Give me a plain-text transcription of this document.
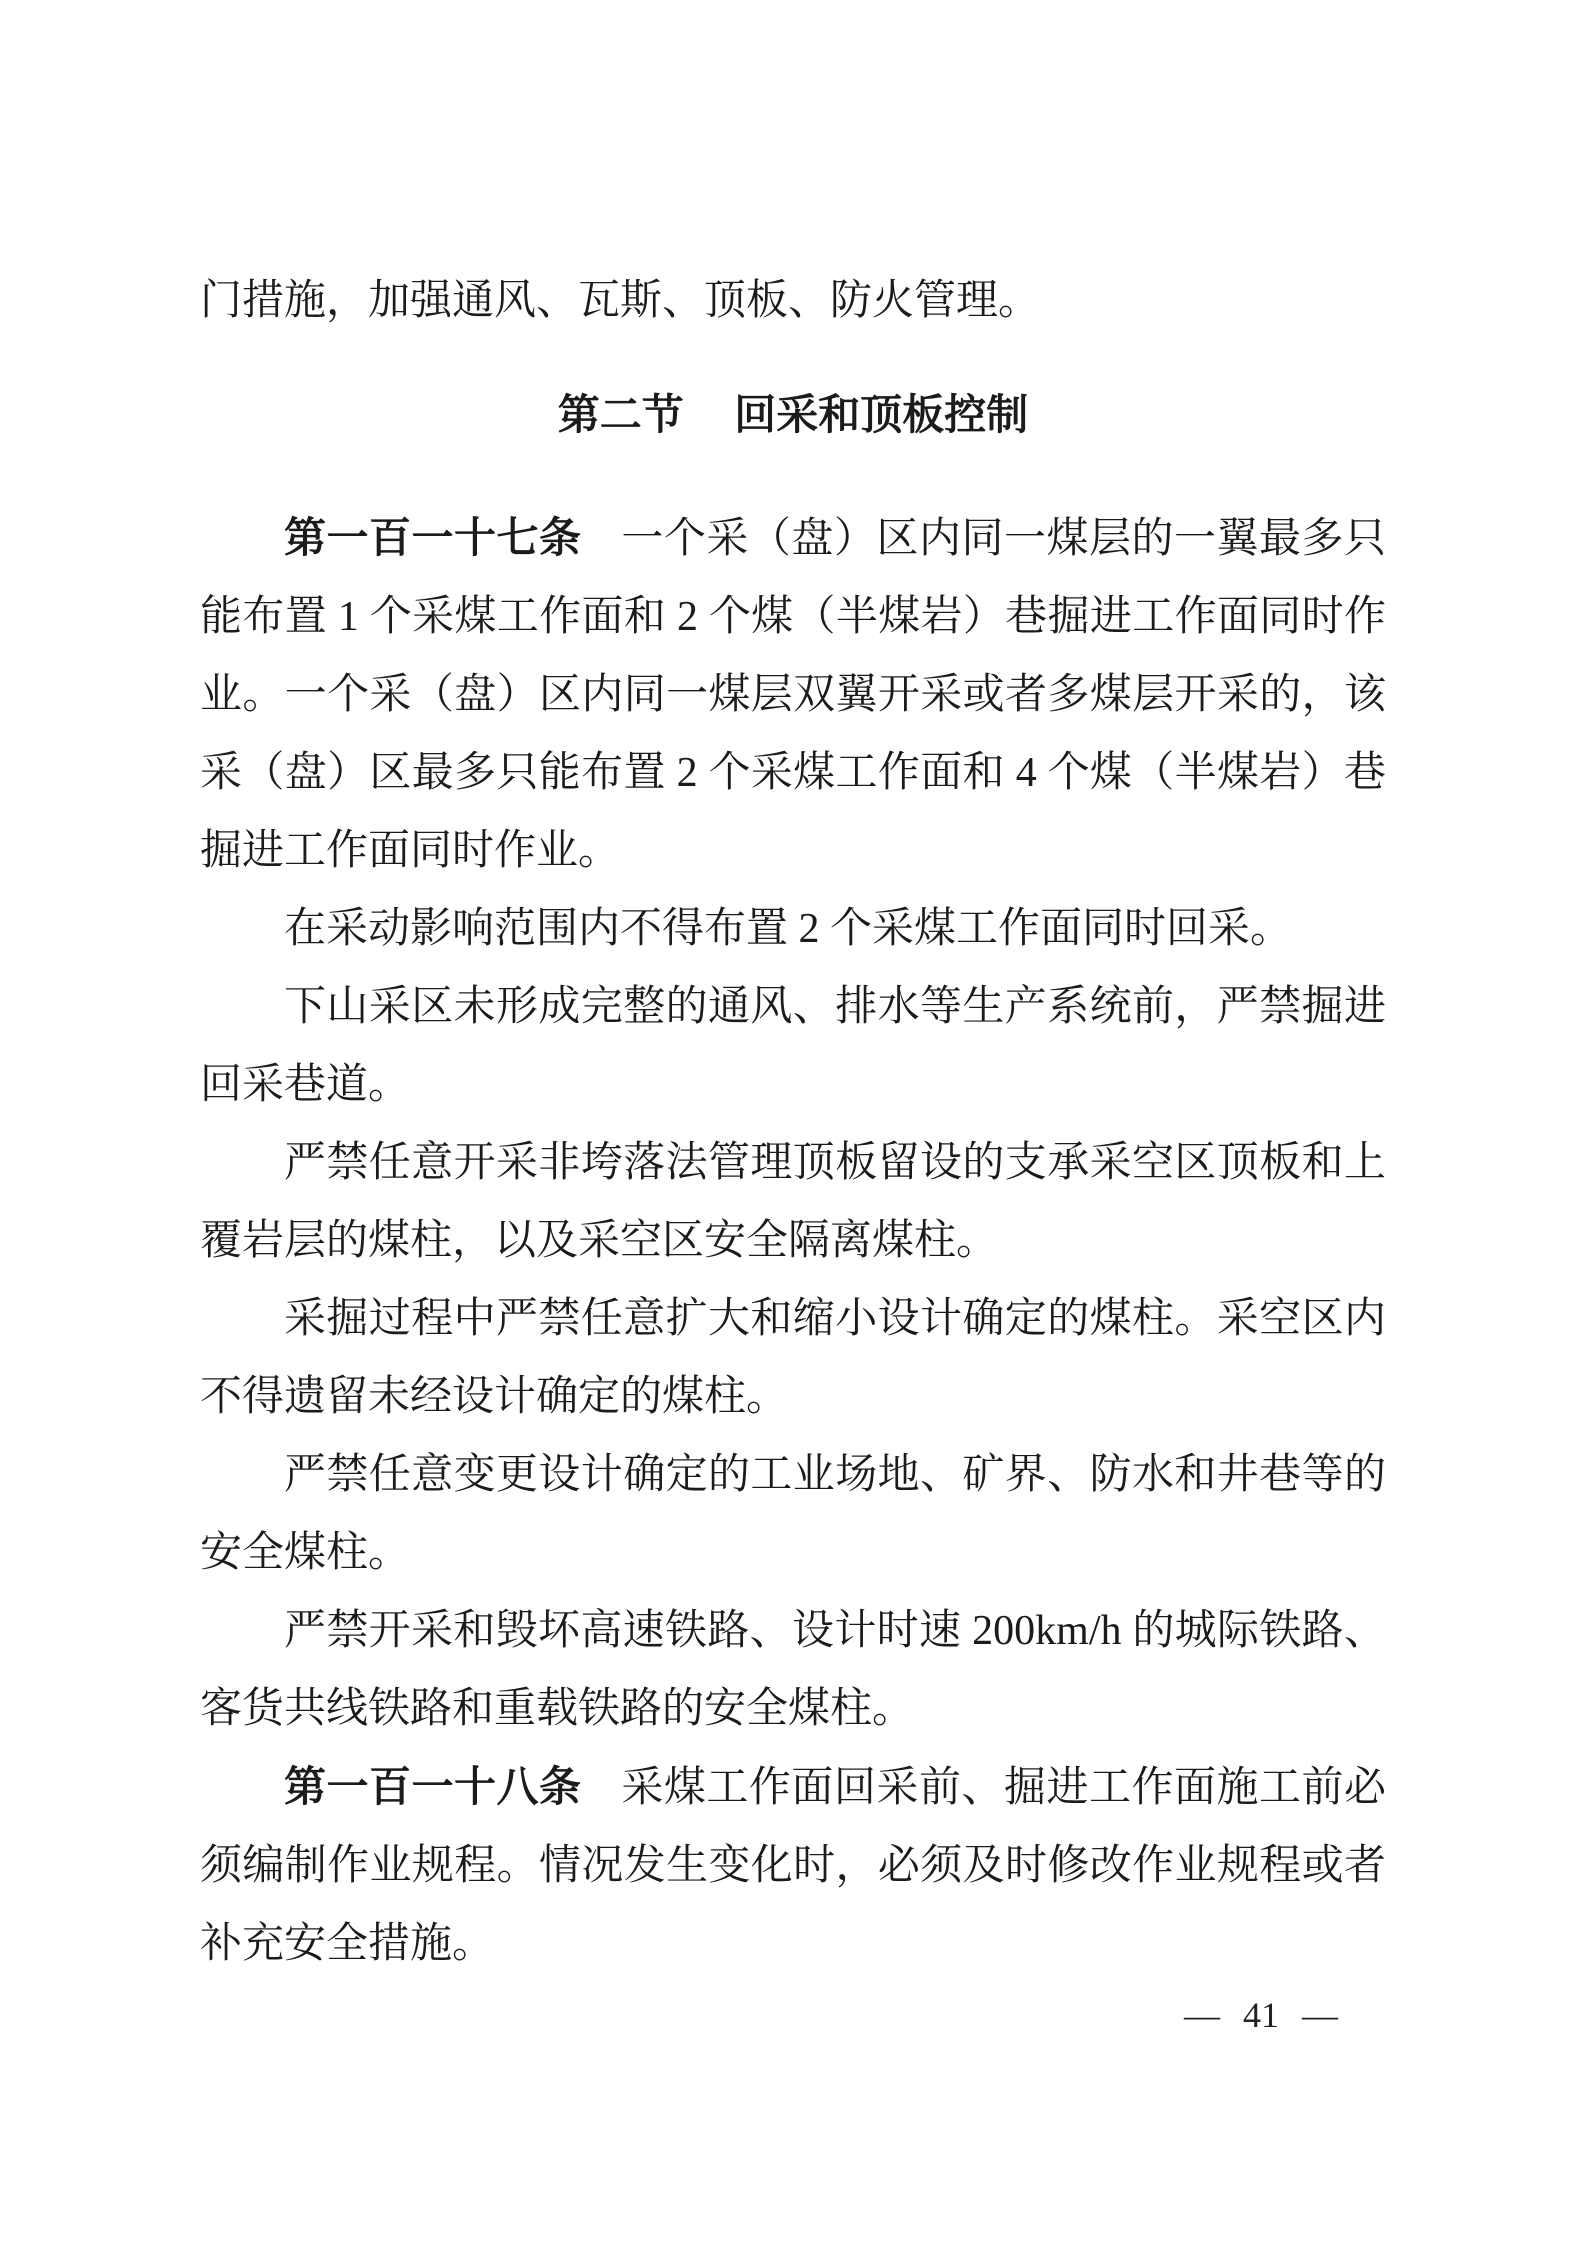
门措施，加强通风、瓦斯、顶板、防火管理。

第二节 回采和顶板控制

第一百一十七条 一个采（盘）区内同一煤层的一翼最多只能布置 1 个采煤工作面和 2 个煤（半煤岩）巷掘进工作面同时作业。一个采（盘）区内同一煤层双翼开采或者多煤层开采的，该采（盘）区最多只能布置 2 个采煤工作面和 4 个煤（半煤岩）巷掘进工作面同时作业。

在采动影响范围内不得布置 2 个采煤工作面同时回采。

下山采区未形成完整的通风、排水等生产系统前，严禁掘进回采巷道。

严禁任意开采非垮落法管理顶板留设的支承采空区顶板和上覆岩层的煤柱，以及采空区安全隔离煤柱。

采掘过程中严禁任意扩大和缩小设计确定的煤柱。采空区内不得遗留未经设计确定的煤柱。

严禁任意变更设计确定的工业场地、矿界、防水和井巷等的安全煤柱。

严禁开采和毁坏高速铁路、设计时速 200km/h 的城际铁路、客货共线铁路和重载铁路的安全煤柱。

第一百一十八条 采煤工作面回采前、掘进工作面施工前必须编制作业规程。情况发生变化时，必须及时修改作业规程或者补充安全措施。

— 41 —
